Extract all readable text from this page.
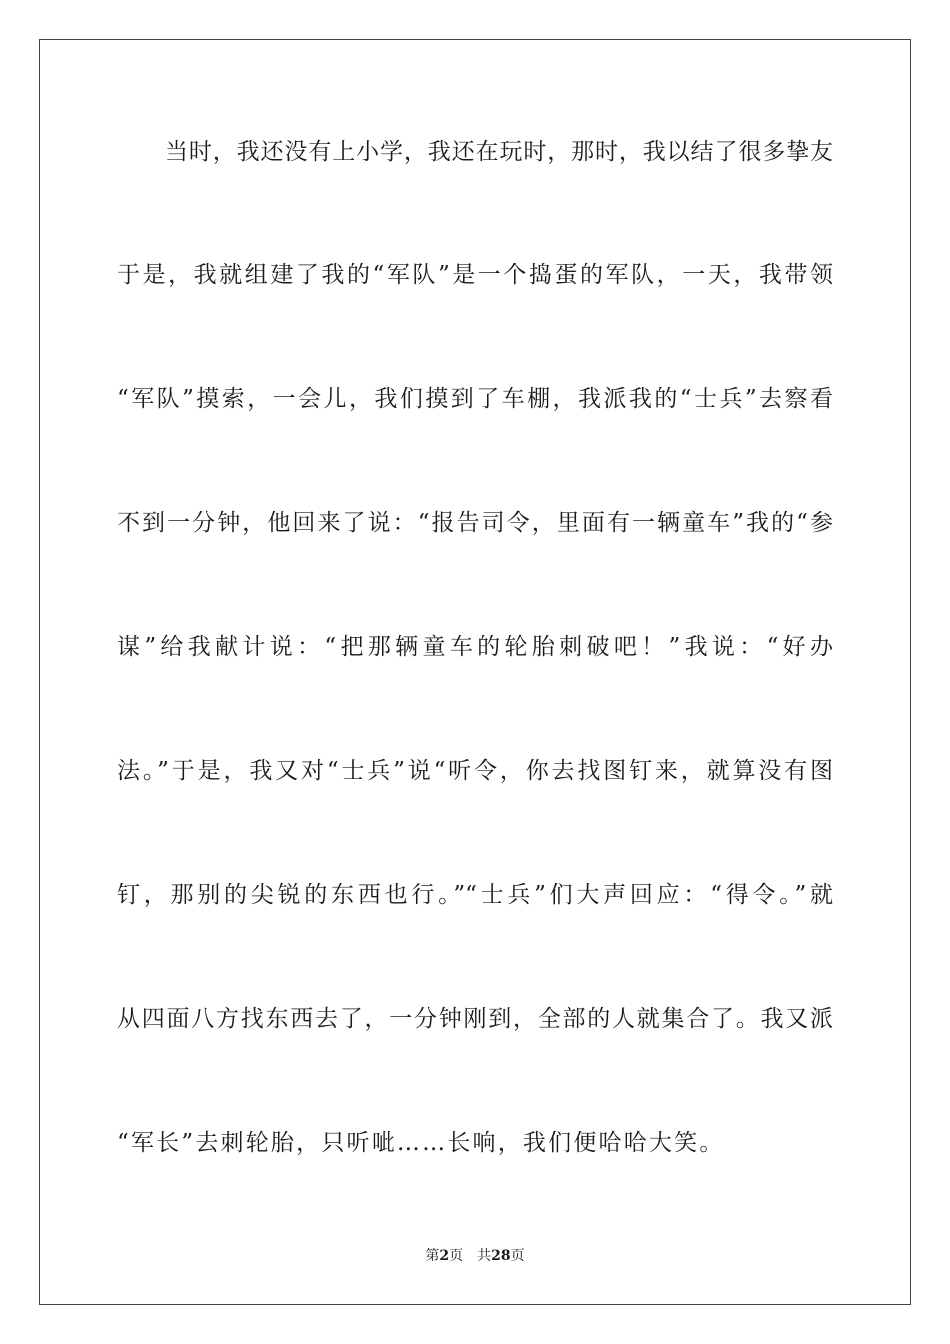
当时，我还没有上小学，我还在玩时，那时，我以结了很多挚友
于是，我就组建了我的“军队”是一个捣蛋的军队，一天，我带领
“军队”摸索，一会儿，我们摸到了车棚，我派我的“士兵”去察看
不到一分钟，他回来了说：“报告司令，里面有一辆童车”我的“参
谋”给我献计说：“把那辆童车的轮胎刺破吧！”我说：“好办
法。”于是，我又对“士兵”说“听令，你去找图钉来，就算没有图
钉，那别的尖锐的东西也行。”“士兵”们大声回应：“得令。”就
从四面八方找东西去了，一分钟刚到，全部的人就集合了。我又派
“军长”去刺轮胎，只听呲……长响，我们便哈哈大笑。
第2页 共28页
